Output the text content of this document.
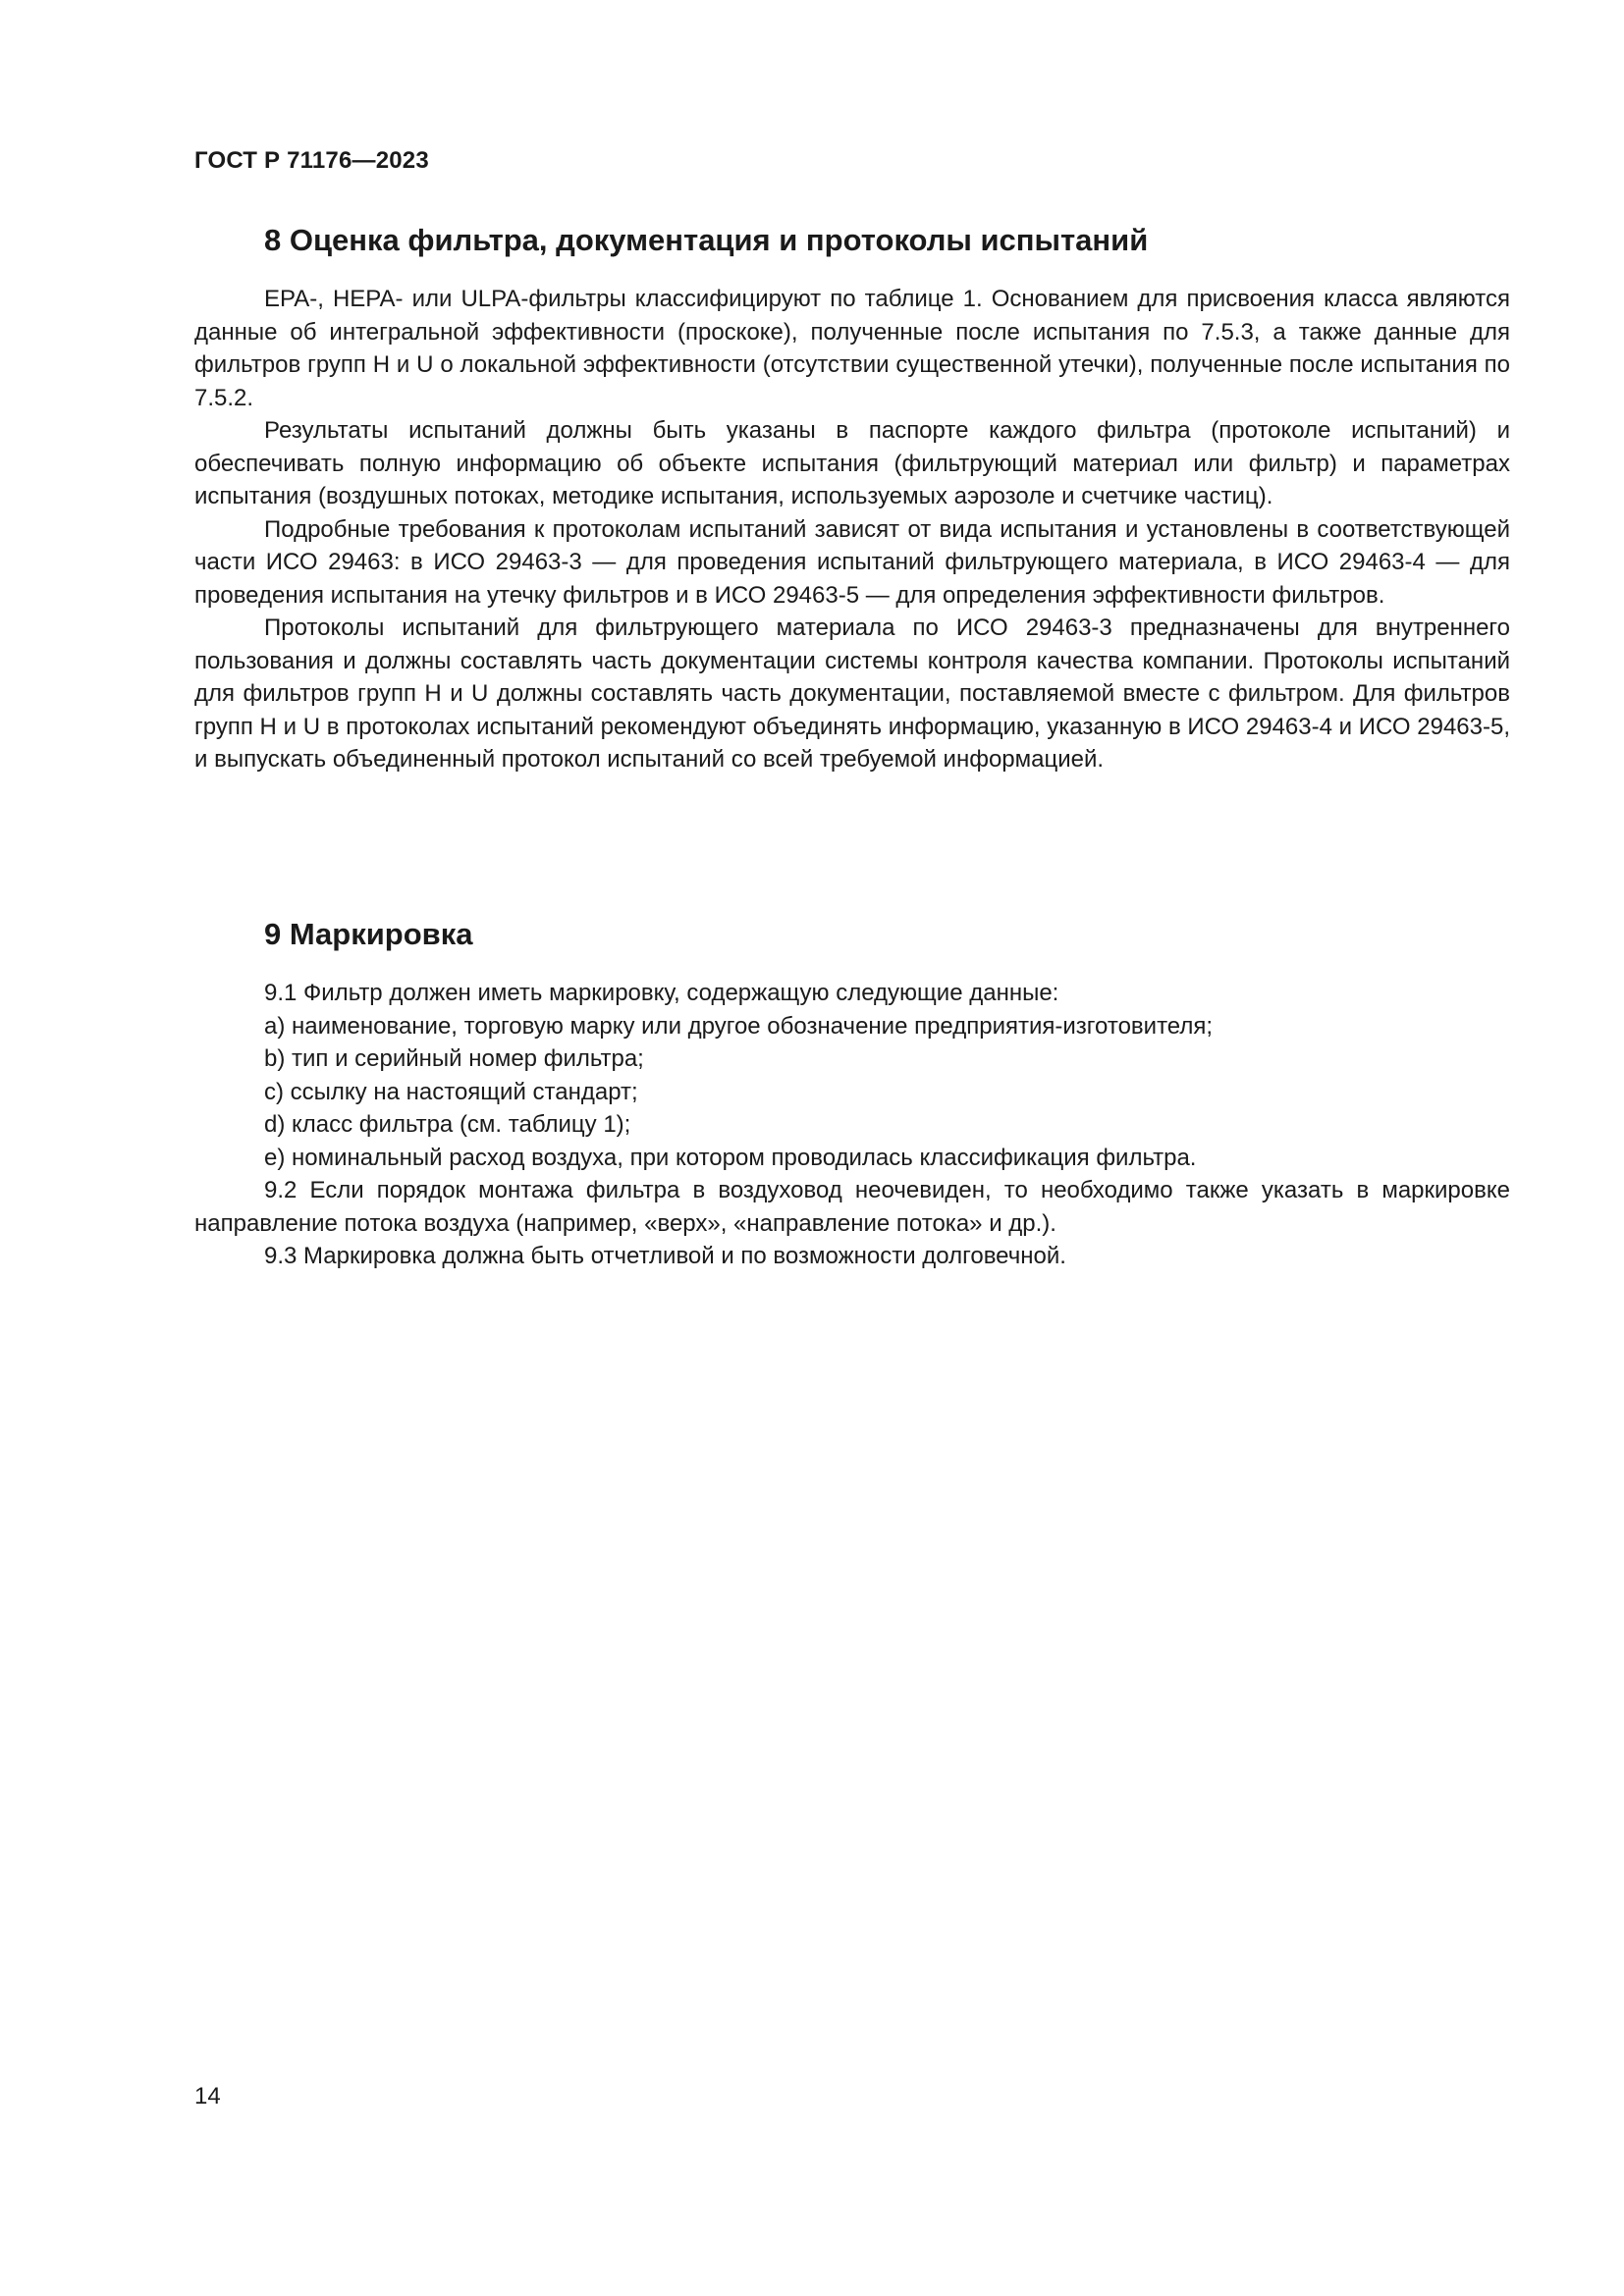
ГОСТ Р 71176—2023
8 Оценка фильтра, документация и протоколы испытаний

EPA-, HEPA- или ULPA-фильтры классифицируют по таблице 1. Основанием для присвоения класса являются данные об интегральной эффективности (проскоке), полученные после испытания по 7.5.3, а также данные для фильтров групп H и U о локальной эффективности (отсутствии существенной утечки), полученные после испытания по 7.5.2.

Результаты испытаний должны быть указаны в паспорте каждого фильтра (протоколе испытаний) и обеспечивать полную информацию об объекте испытания (фильтрующий материал или фильтр) и параметрах испытания (воздушных потоках, методике испытания, используемых аэрозоле и счетчике частиц).

Подробные требования к протоколам испытаний зависят от вида испытания и установлены в соответствующей части ИСО 29463: в ИСО 29463-3 — для проведения испытаний фильтрующего материала, в ИСО 29463-4 — для проведения испытания на утечку фильтров и в ИСО 29463-5 — для определения эффективности фильтров.

Протоколы испытаний для фильтрующего материала по ИСО 29463-3 предназначены для внутреннего пользования и должны составлять часть документации системы контроля качества компании. Протоколы испытаний для фильтров групп H и U должны составлять часть документации, поставляемой вместе с фильтром. Для фильтров групп H и U в протоколах испытаний рекомендуют объединять информацию, указанную в ИСО 29463-4 и ИСО 29463-5, и выпускать объединенный протокол испытаний со всей требуемой информацией.

9 Маркировка

9.1 Фильтр должен иметь маркировку, содержащую следующие данные:

a) наименование, торговую марку или другое обозначение предприятия-изготовителя;

b) тип и серийный номер фильтра;

c) ссылку на настоящий стандарт;

d) класс фильтра (см. таблицу 1);

e) номинальный расход воздуха, при котором проводилась классификация фильтра.

9.2 Если порядок монтажа фильтра в воздуховод неочевиден, то необходимо также указать в маркировке направление потока воздуха (например, «верх», «направление потока» и др.).

9.3 Маркировка должна быть отчетливой и по возможности долговечной.

14
